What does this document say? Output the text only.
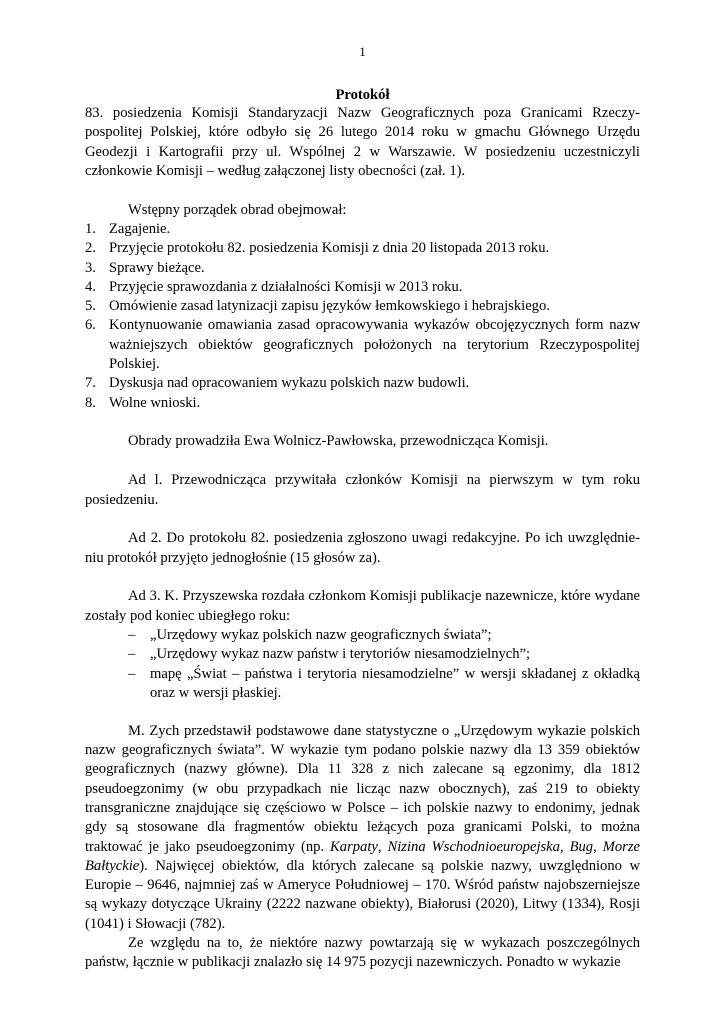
1
Protokół

83. posiedzenia Komisji Standaryzacji Nazw Geograficznych poza Granicami Rzeczypospolitej Polskiej, które odbyło się 26 lutego 2014 roku w gmachu Głównego Urzędu Geodezji i Kartografii przy ul. Wspólnej 2 w Warszawie. W posiedzeniu uczestniczyli członkowie Komisji – według załączonej listy obecności (zał. 1).

Wstępny porządek obrad obejmował:

1. Zagajenie.
2. Przyjęcie protokołu 82. posiedzenia Komisji z dnia 20 listopada 2013 roku.
3. Sprawy bieżące.
4. Przyjęcie sprawozdania z działalności Komisji w 2013 roku.
5. Omówienie zasad latynizacji zapisu języków łemkowskiego i hebrajskiego.
6. Kontynuowanie omawiania zasad opracowywania wykazów obcojęzycznych form nazw ważniejszych obiektów geograficznych położonych na terytorium Rzeczypospolitej Polskiej.
7. Dyskusja nad opracowaniem wykazu polskich nazw budowli.
8. Wolne wnioski.

Obrady prowadziła Ewa Wolnicz-Pawłowska, przewodnicząca Komisji.

Ad l. Przewodnicząca przywitała członków Komisji na pierwszym w tym roku posiedzeniu.

Ad 2. Do protokołu 82. posiedzenia zgłoszono uwagi redakcyjne. Po ich uwzględnieniu protokół przyjęto jednogłośnie (15 głosów za).

Ad 3. K. Przyszewska rozdała członkom Komisji publikacje nazewnicze, które wydane zostały pod koniec ubiegłego roku:

– „Urzędowy wykaz polskich nazw geograficznych świata”;
– „Urzędowy wykaz nazw państw i terytoriów niesamodzielnych”;
– mapę „Świat – państwa i terytoria niesamodzielne” w wersji składanej z okładką oraz w wersji płaskiej.

M. Zych przedstawił podstawowe dane statystyczne o „Urzędowym wykazie polskich nazw geograficznych świata”. W wykazie tym podano polskie nazwy dla 13 359 obiektów geograficznych (nazwy główne). Dla 11 328 z nich zalecane są egzonimy, dla 1812 pseudoegzonimy (w obu przypadkach nie licząc nazw obocznych), zaś 219 to obiekty transgraniczne znajdujące się częściowo w Polsce – ich polskie nazwy to endonimy, jednak gdy są stosowane dla fragmentów obiektu leżących poza granicami Polski, to można traktować je jako pseudoegzonimy (np. Karpaty, Nizina Wschodnioeuropejska, Bug, Morze Bałtyckie). Najwięcej obiektów, dla których zalecane są polskie nazwy, uwzględniono w Europie – 9646, najmniej zaś w Ameryce Południowej – 170. Wśród państw najobszerniejsze są wykazy dotyczące Ukrainy (2222 nazwane obiekty), Białorusi (2020), Litwy (1334), Rosji (1041) i Słowacji (782).

Ze względu na to, że niektóre nazwy powtarzają się w wykazach poszczególnych państw, łącznie w publikacji znalazło się 14 975 pozycji nazewniczych. Ponadto w wykazie
